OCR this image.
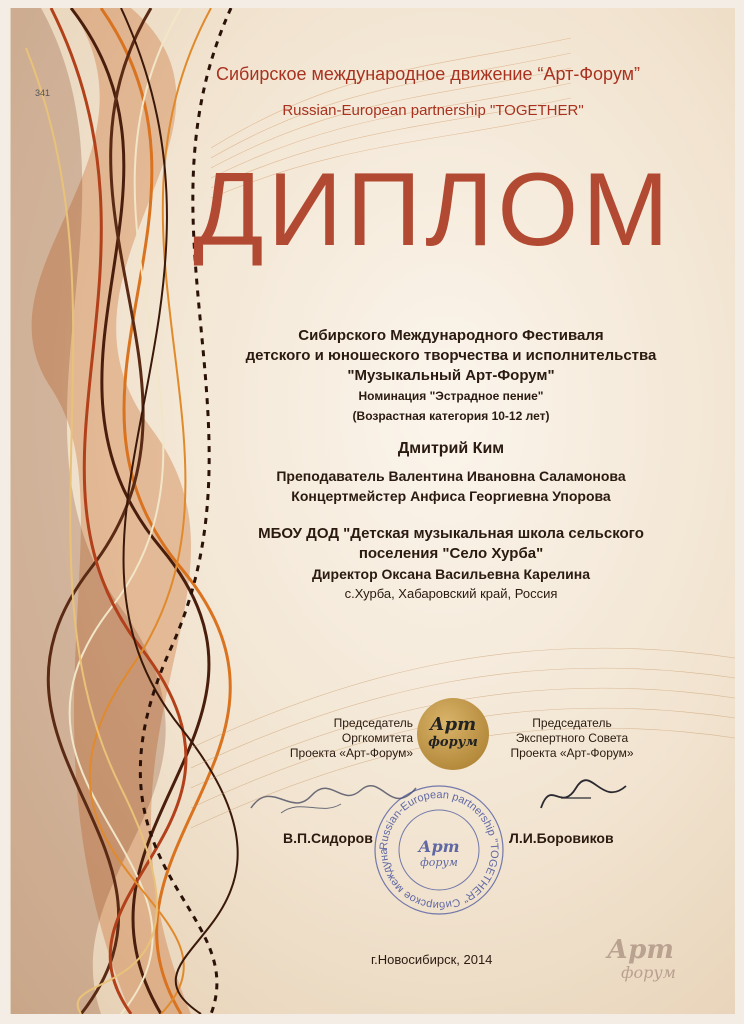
341
Сибирское международное движение “Арт-Форум”
Russian-European partnership "TOGETHER"
ДИПЛОМ
Сибирского Международного Фестиваля
детского и юношеского творчества и исполнительства
"Музыкальный Арт-Форум"
Номинация "Эстрадное пение"
(Возрастная категория 10-12 лет)
Дмитрий Ким
Преподаватель Валентина Ивановна Саламонова
Концертмейстер Анфиса Георгиевна Упорова
МБОУ ДОД "Детская музыкальная школа сельского
поселения "Село Хурба"
Директор Оксана Васильевна Карелина
с.Хурба, Хабаровский край, Россия
Председатель
Оргкомитета
Проекта «Арт-Форум»
Арт
форум
Председатель
Экспертного Совета
Проекта «Арт-Форум»
Russian-European partnership "TOGETHER" Сибирское междуна	Арт
форум
В.П.Сидоров	Л.И.Боровиков
г.Новосибирск, 2014	Арт
форум
